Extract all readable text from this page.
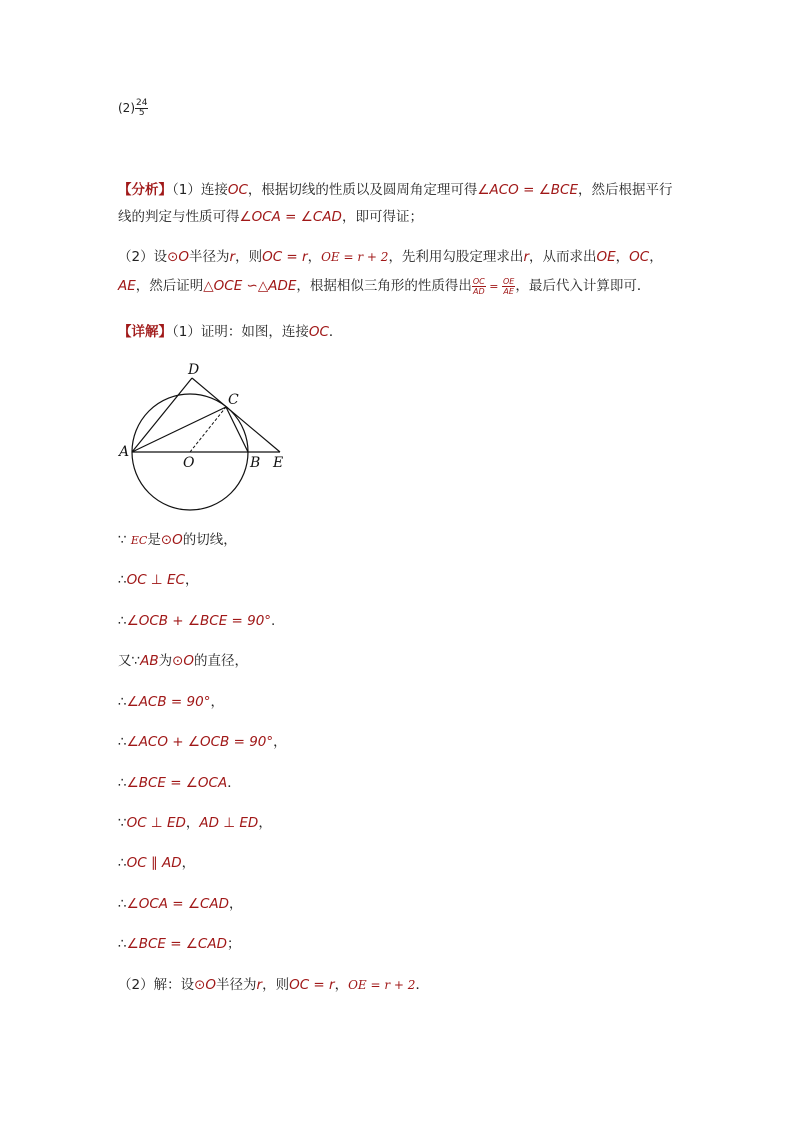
$(2) \frac{24}{5}$
【分析】（1）连接OC，根据切线的性质以及圆周角定理可得∠ACO = ∠BCE，然后根据平行
线的判定与性质可得∠OCA = ∠CAD，即可得证；
（2）设⊙O半径为r，则OC = r，OE = r + 2，先利用勾股定理求出r，从而求出OE，OC，
AE，然后证明△OCE ∽△ADE，根据相似三角形的性质得出 $\frac{OC}{AD} = \frac{OE}{AE}$ ，最后代入计算即可．
【详解】（1）证明：如图，连接OC．
D
C
A
O	B E
∵ EC是⊙O的切线，
∴OC ⊥ EC，
∴∠OCB + ∠BCE = 90°.
又∵AB为⊙O的直径，
∴∠ACB = 90°，
∴∠ACO + ∠OCB = 90°，
∴∠BCE = ∠OCA．
∵OC ⊥ ED，AD ⊥ ED，
∴OC ∥ AD，
∴∠OCA = ∠CAD，
∴∠BCE = ∠CAD；
（2）解：设⊙O半径为r，则OC = r，OE = r + 2．
